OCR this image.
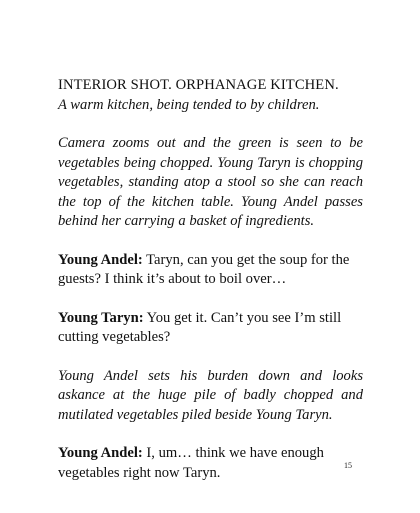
INTERIOR SHOT. ORPHANAGE KITCHEN.

A warm kitchen, being tended to by children.

Camera zooms out and the green is seen to be vegetables being chopped. Young Taryn is chopping vegetables, standing atop a stool so she can reach the top of the kitchen table. Young Andel passes behind her carrying a basket of ingredients.

Young Andel: Taryn, can you get the soup for the guests? I think it’s about to boil over…

Young Taryn: You get it. Can’t you see I’m still cutting vegetables?

Young Andel sets his burden down and looks askance at the huge pile of badly chopped and mutilated vegetables piled beside Young Taryn.

Young Andel: I, um… think we have enough vegetables right now Taryn.	15
